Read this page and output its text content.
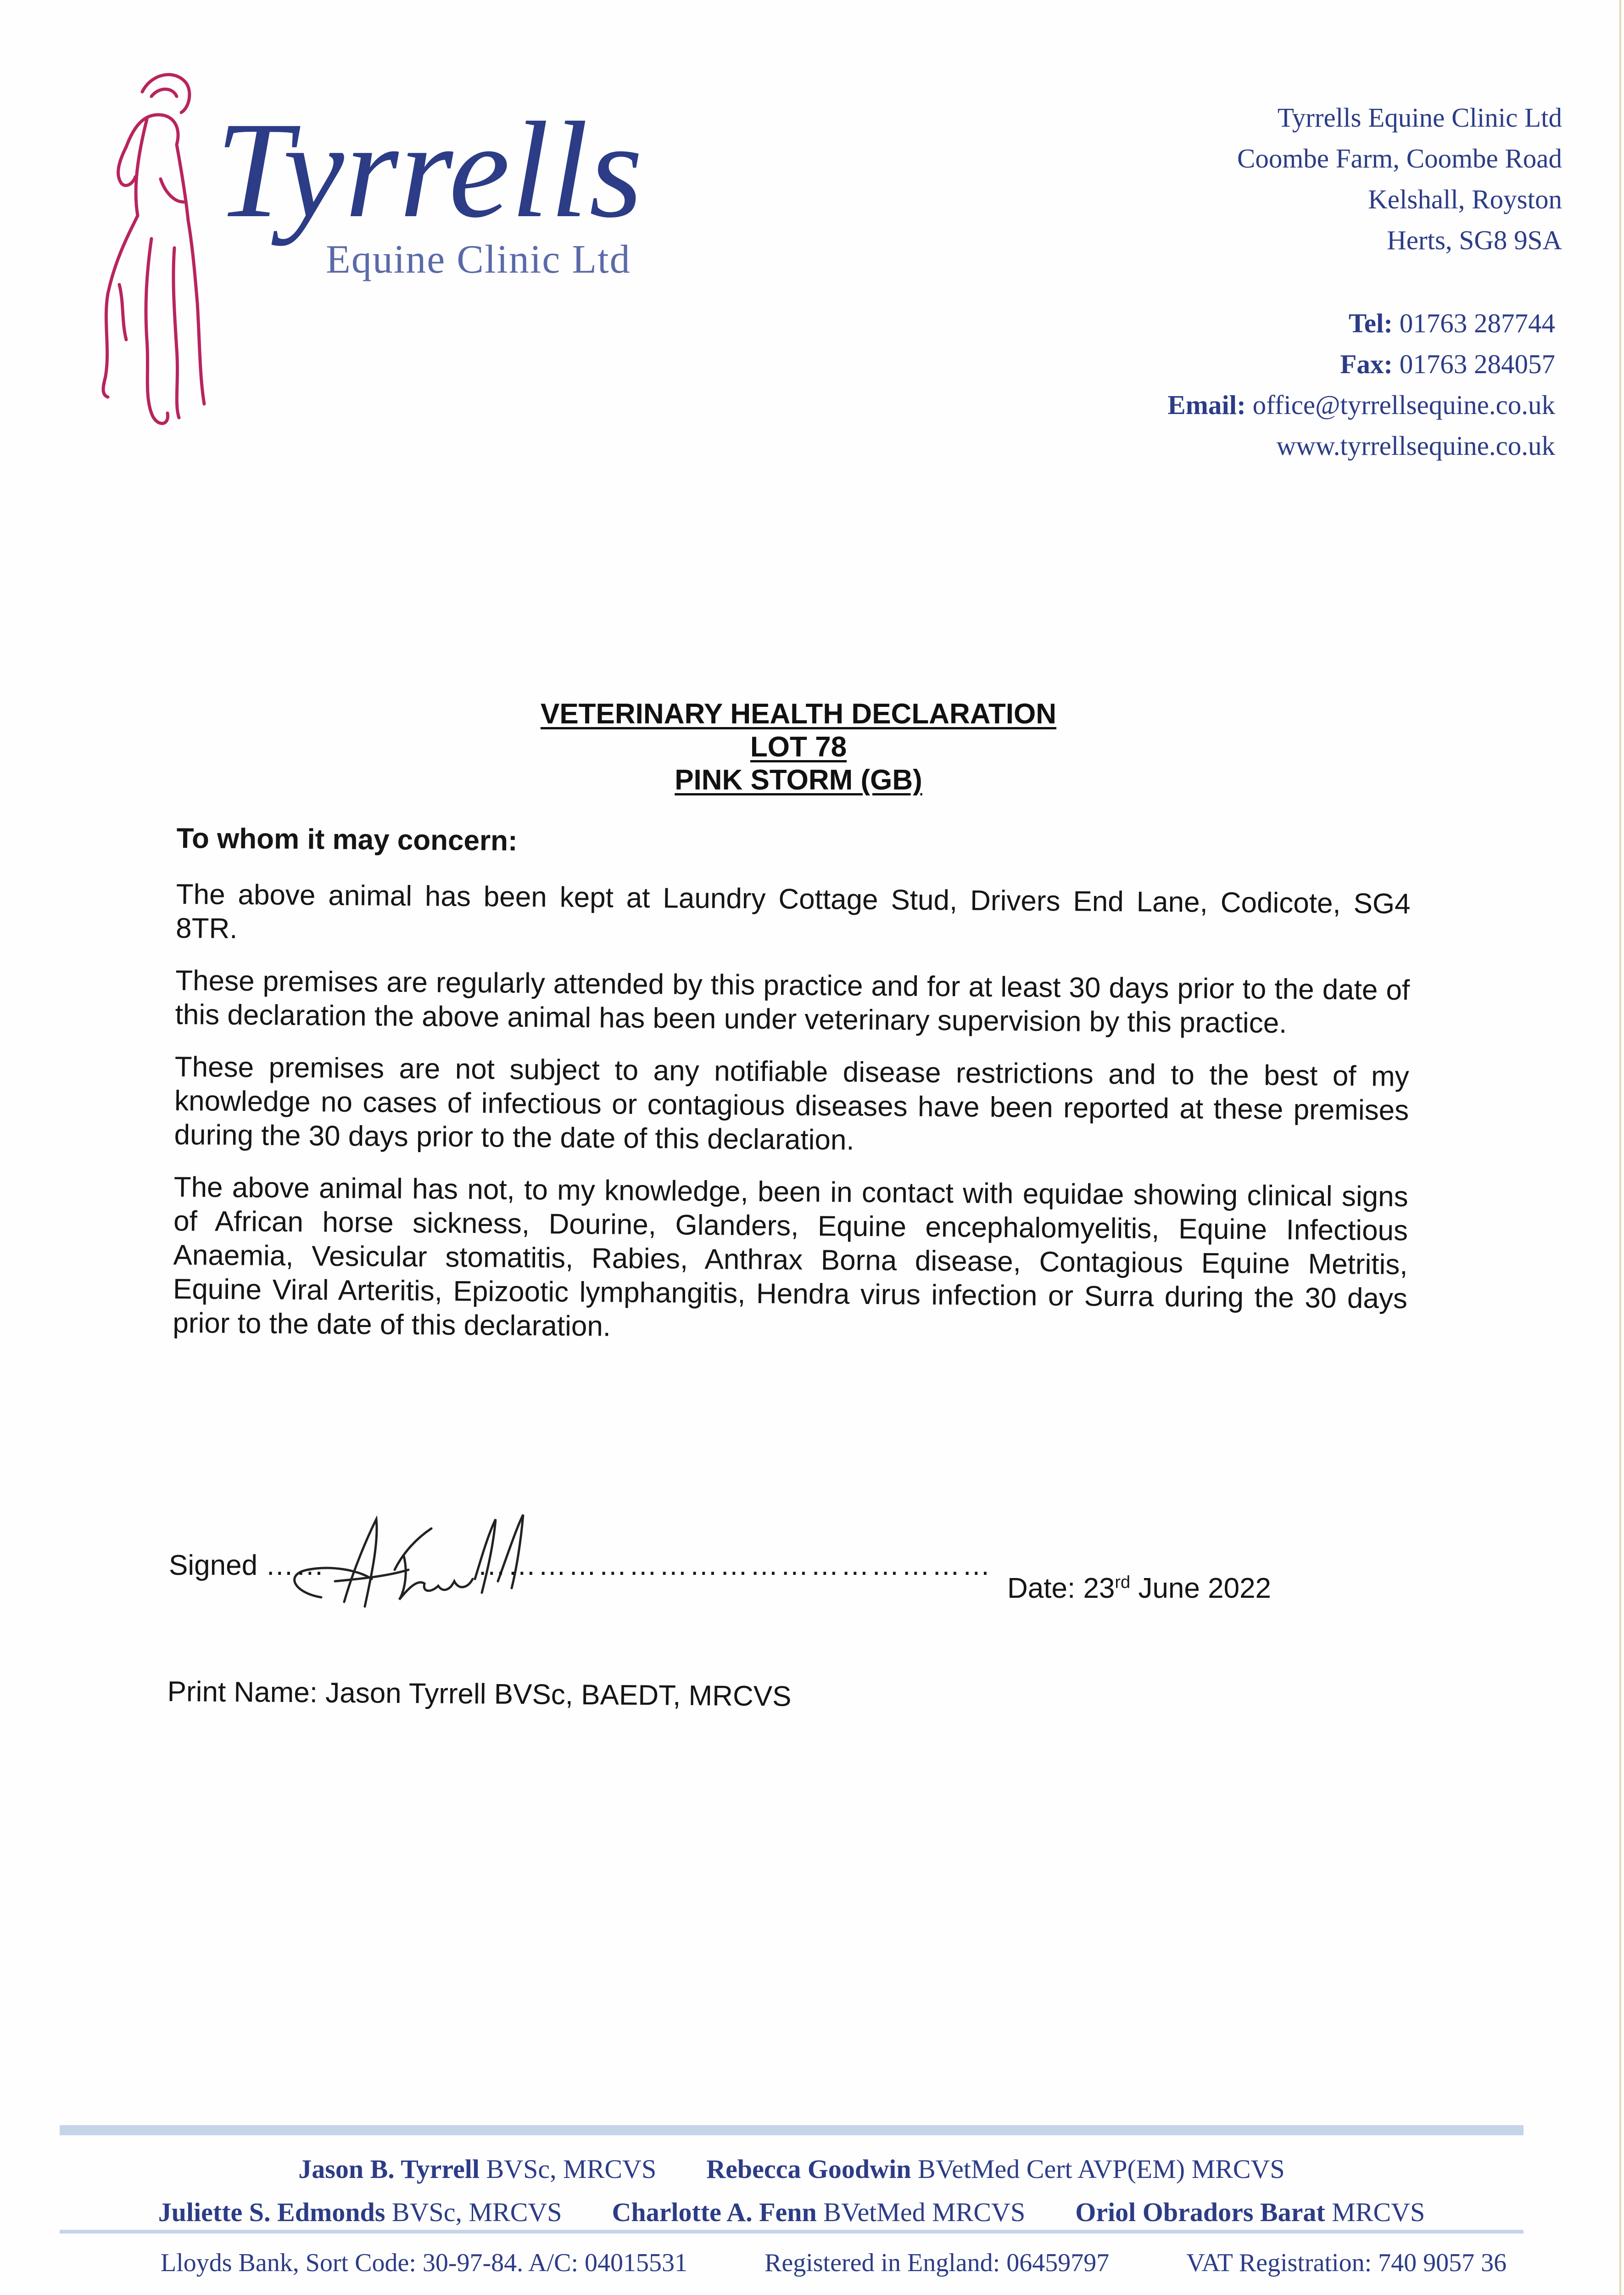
Tyrrells
Equine Clinic Ltd
Tyrrells Equine Clinic Ltd
Coombe Farm, Coombe Road
Kelshall, Royston
Herts, SG8 9SA
Tel: 01763 287744
Fax: 01763 284057
Email: office@tyrrellsequine.co.uk
www.tyrrellsequine.co.uk
VETERINARY HEALTH DECLARATION
LOT 78
PINK STORM (GB)

To whom it may concern:

The above animal has been kept at Laundry Cottage Stud, Drivers End Lane, Codicote, SG4 8TR.

These premises are regularly attended by this practice and for at least 30 days prior to the date of this declaration the above animal has been under veterinary supervision by this practice.

These premises are not subject to any notifiable disease restrictions and to the best of my knowledge no cases of infectious or contagious diseases have been reported at these premises during the 30 days prior to the date of this declaration.

The above animal has not, to my knowledge, been in contact with equidae showing clinical signs of African horse sickness, Dourine, Glanders, Equine encephalomyelitis, Equine Infectious Anaemia, Vesicular stomatitis, Rabies, Anthrax Borna disease, Contagious Equine Metritis, Equine Viral Arteritis, Epizootic lymphangitis, Hendra virus infection or Surra during the 30 days prior to the date of this declaration.

Signed ……	……………………………………………
Date: 23rd June 2022
Print Name: Jason Tyrrell BVSc, BAEDT, MRCVS
Jason B. Tyrrell BVSc, MRCVS Rebecca Goodwin BVetMed Cert AVP(EM) MRCVS
Juliette S. Edmonds BVSc, MRCVS Charlotte A. Fenn BVetMed MRCVS Oriol Obradors Barat MRCVS
Lloyds Bank, Sort Code: 30-97-84. A/C: 04015531	Registered in England: 06459797	VAT Registration: 740 9057 36
